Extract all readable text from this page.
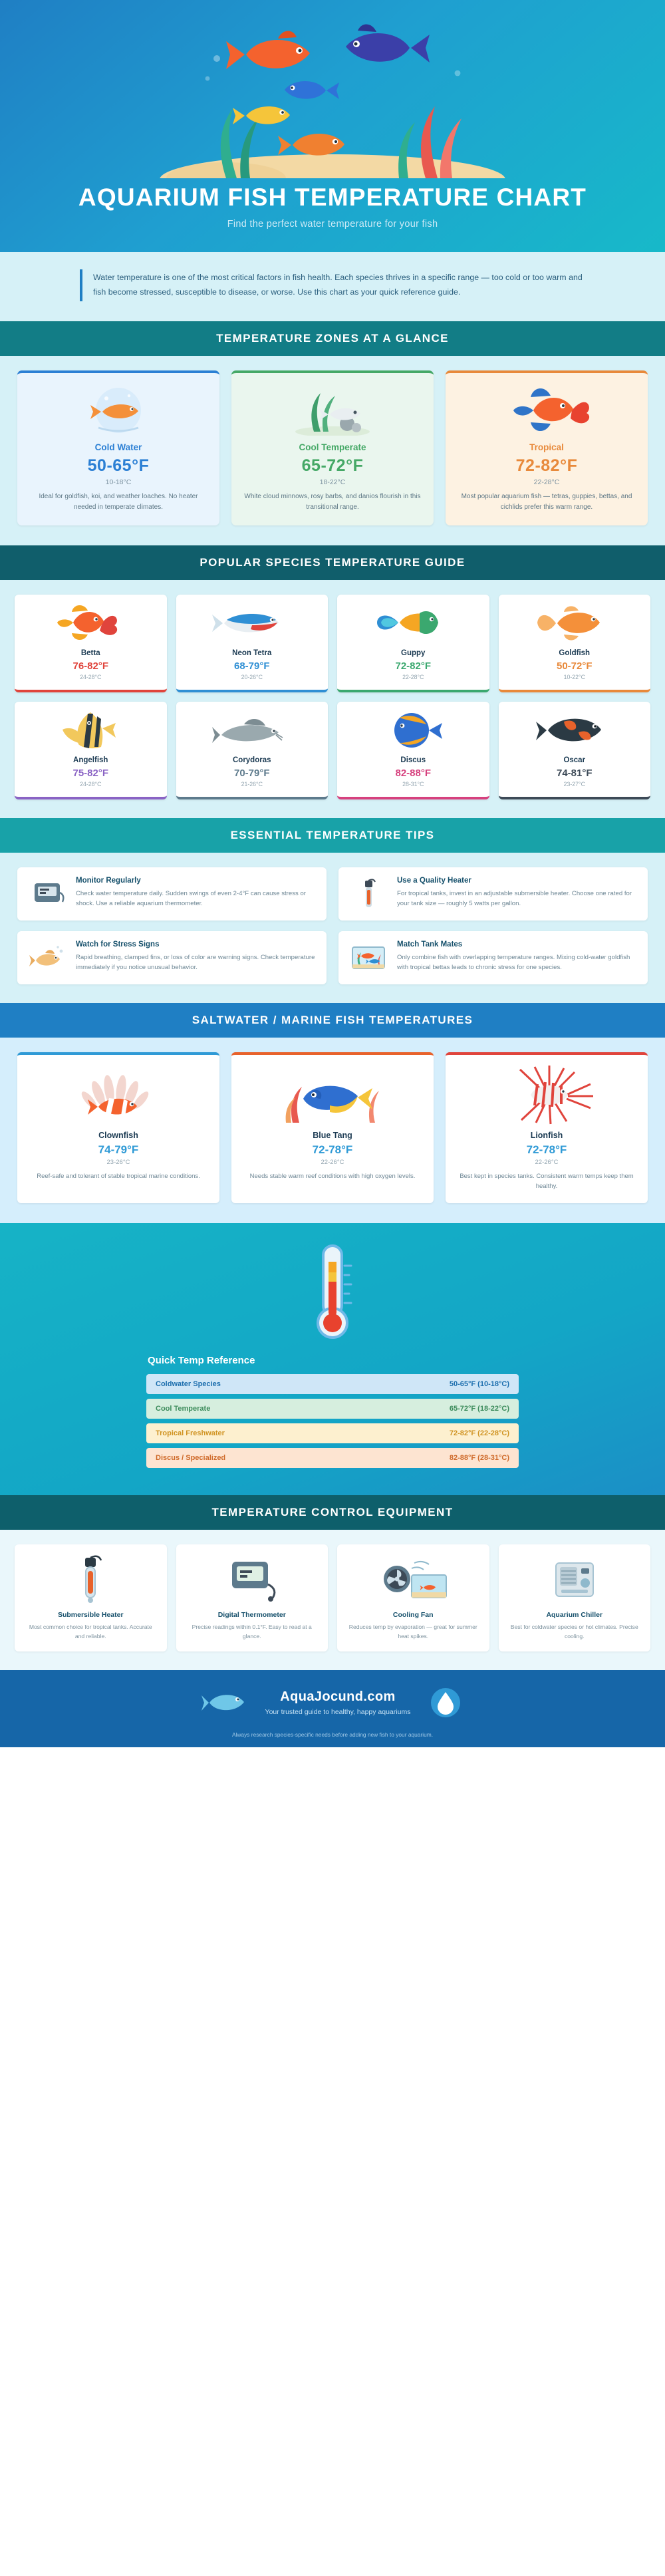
AQUARIUM FISH TEMPERATURE CHART

Find the perfect water temperature for your fish

Water temperature is one of the most critical factors in fish health. Each species thrives in a specific range — too cold or too warm and fish become stressed, susceptible to disease, or worse. Use this chart as your quick reference guide.

TEMPERATURE ZONES AT A GLANCE
Cold Water
50-65°F
10-18°C
Ideal for goldfish, koi, and weather loaches. No heater needed in temperate climates.
Cool Temperate
65-72°F
18-22°C
White cloud minnows, rosy barbs, and danios flourish in this transitional range.
Tropical
72-82°F
22-28°C
Most popular aquarium fish — tetras, guppies, bettas, and cichlids prefer this warm range.
POPULAR SPECIES TEMPERATURE GUIDE
Betta
76-82°F
24-28°C
Neon Tetra
68-79°F
20-26°C
Guppy
72-82°F
22-28°C
Goldfish
50-72°F
10-22°C
Angelfish
75-82°F
24-28°C
Corydoras
70-79°F
21-26°C
Discus
82-88°F
28-31°C
Oscar
74-81°F
23-27°C
ESSENTIAL TEMPERATURE TIPS
Monitor Regularly

Check water temperature daily. Sudden swings of even 2-4°F can cause stress or shock. Use a reliable aquarium thermometer.

Use a Quality Heater

For tropical tanks, invest in an adjustable submersible heater. Choose one rated for your tank size — roughly 5 watts per gallon.

Watch for Stress Signs

Rapid breathing, clamped fins, or loss of color are warning signs. Check temperature immediately if you notice unusual behavior.

Match Tank Mates

Only combine fish with overlapping temperature ranges. Mixing cold-water goldfish with tropical bettas leads to chronic stress for one species.

SALTWATER / MARINE FISH TEMPERATURES
Clownfish
74-79°F
23-26°C
Reef-safe and tolerant of stable tropical marine conditions.
Blue Tang
72-78°F
22-26°C
Needs stable warm reef conditions with high oxygen levels.
Lionfish
72-78°F
22-26°C
Best kept in species tanks. Consistent warm temps keep them healthy.
Quick Temp Reference
Coldwater Species	50-65°F (10-18°C)
Cool Temperate	65-72°F (18-22°C)
Tropical Freshwater	72-82°F (22-28°C)
Discus / Specialized	82-88°F (28-31°C)
TEMPERATURE CONTROL EQUIPMENT
Submersible Heater

Most common choice for tropical tanks. Accurate and reliable.

Digital Thermometer

Precise readings within 0.1°F. Easy to read at a glance.

Cooling Fan

Reduces temp by evaporation — great for summer heat spikes.

Aquarium Chiller

Best for coldwater species or hot climates. Precise cooling.

AquaJocund.com

Your trusted guide to healthy, happy aquariums

Always research species-specific needs before adding new fish to your aquarium.
